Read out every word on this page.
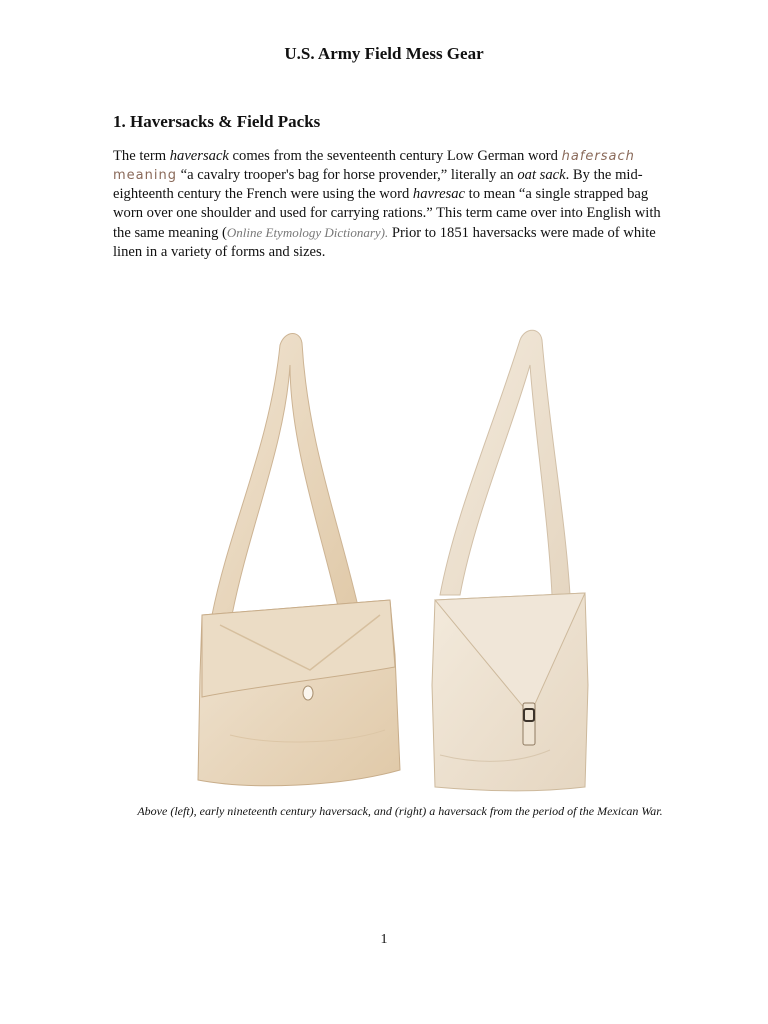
U.S. Army Field Mess Gear
1. Haversacks & Field Packs

The term haversack comes from the seventeenth century Low German word hafersach meaning “a cavalry trooper's bag for horse provender,” literally an oat sack. By the mid-eighteenth century the French were using the word havresac to mean “a single strapped bag worn over one shoulder and used for carrying rations.” This term came over into English with the same meaning (Online Etymology Dictionary). Prior to 1851 haversacks were made of white linen in a variety of forms and sizes.

Above (left), early nineteenth century haversack, and (right) a haversack from the period of the Mexican War.
1
